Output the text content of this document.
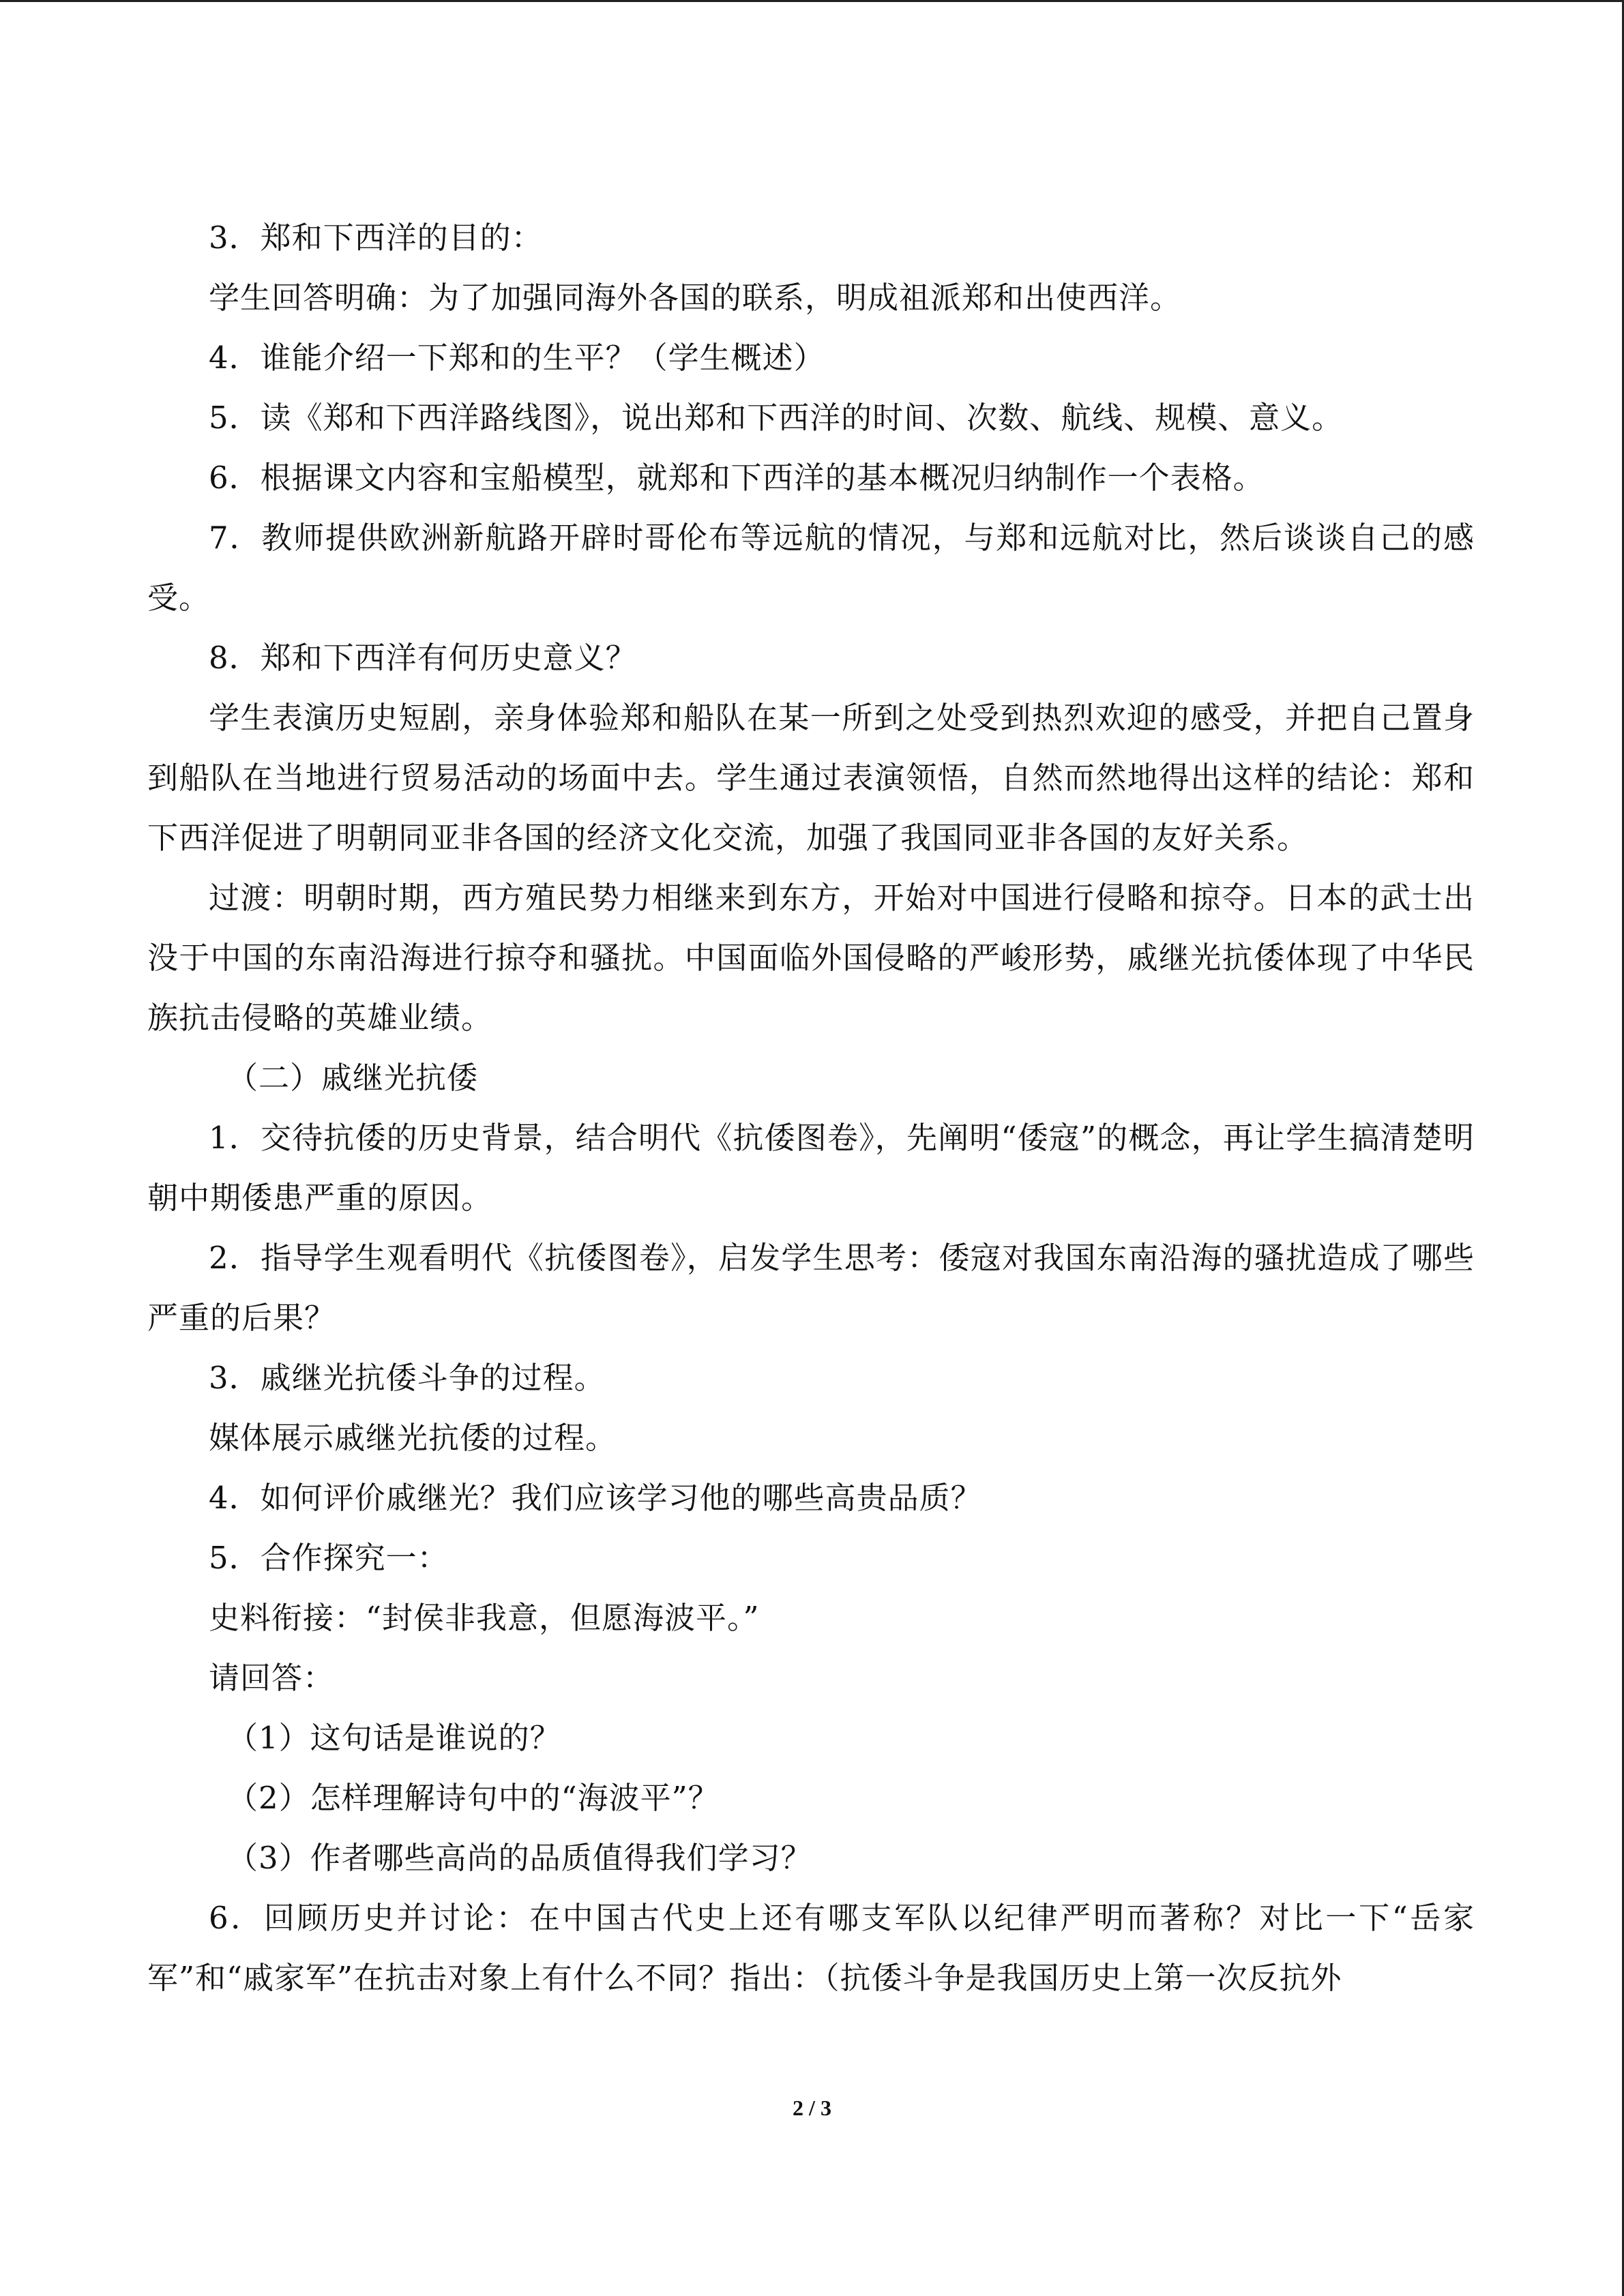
3．郑和下西洋的目的：

学生回答明确：为了加强同海外各国的联系，明成祖派郑和出使西洋。

4．谁能介绍一下郑和的生平？（学生概述）

5．读《郑和下西洋路线图》，说出郑和下西洋的时间、次数、航线、规模、意义。

6．根据课文内容和宝船模型，就郑和下西洋的基本概况归纳制作一个表格。

7．教师提供欧洲新航路开辟时哥伦布等远航的情况，与郑和远航对比，然后谈谈自己的感受。

8．郑和下西洋有何历史意义？

学生表演历史短剧，亲身体验郑和船队在某一所到之处受到热烈欢迎的感受，并把自己置身到船队在当地进行贸易活动的场面中去。学生通过表演领悟，自然而然地得出这样的结论：郑和下西洋促进了明朝同亚非各国的经济文化交流，加强了我国同亚非各国的友好关系。

过渡：明朝时期，西方殖民势力相继来到东方，开始对中国进行侵略和掠夺。日本的武士出没于中国的东南沿海进行掠夺和骚扰。中国面临外国侵略的严峻形势，戚继光抗倭体现了中华民族抗击侵略的英雄业绩。

（二）戚继光抗倭

1．交待抗倭的历史背景，结合明代《抗倭图卷》，先阐明“倭寇”的概念，再让学生搞清楚明朝中期倭患严重的原因。

2．指导学生观看明代《抗倭图卷》，启发学生思考：倭寇对我国东南沿海的骚扰造成了哪些严重的后果？

3．戚继光抗倭斗争的过程。

媒体展示戚继光抗倭的过程。

4．如何评价戚继光？我们应该学习他的哪些高贵品质？

5．合作探究一：

史料衔接：“封侯非我意，但愿海波平。”

请回答：

（1）这句话是谁说的？

（2）怎样理解诗句中的“海波平”？

（3）作者哪些高尚的品质值得我们学习？

6．回顾历史并讨论：在中国古代史上还有哪支军队以纪律严明而著称？对比一下“岳家军”和“戚家军”在抗击对象上有什么不同？指出：（抗倭斗争是我国历史上第一次反抗外

2 / 3
